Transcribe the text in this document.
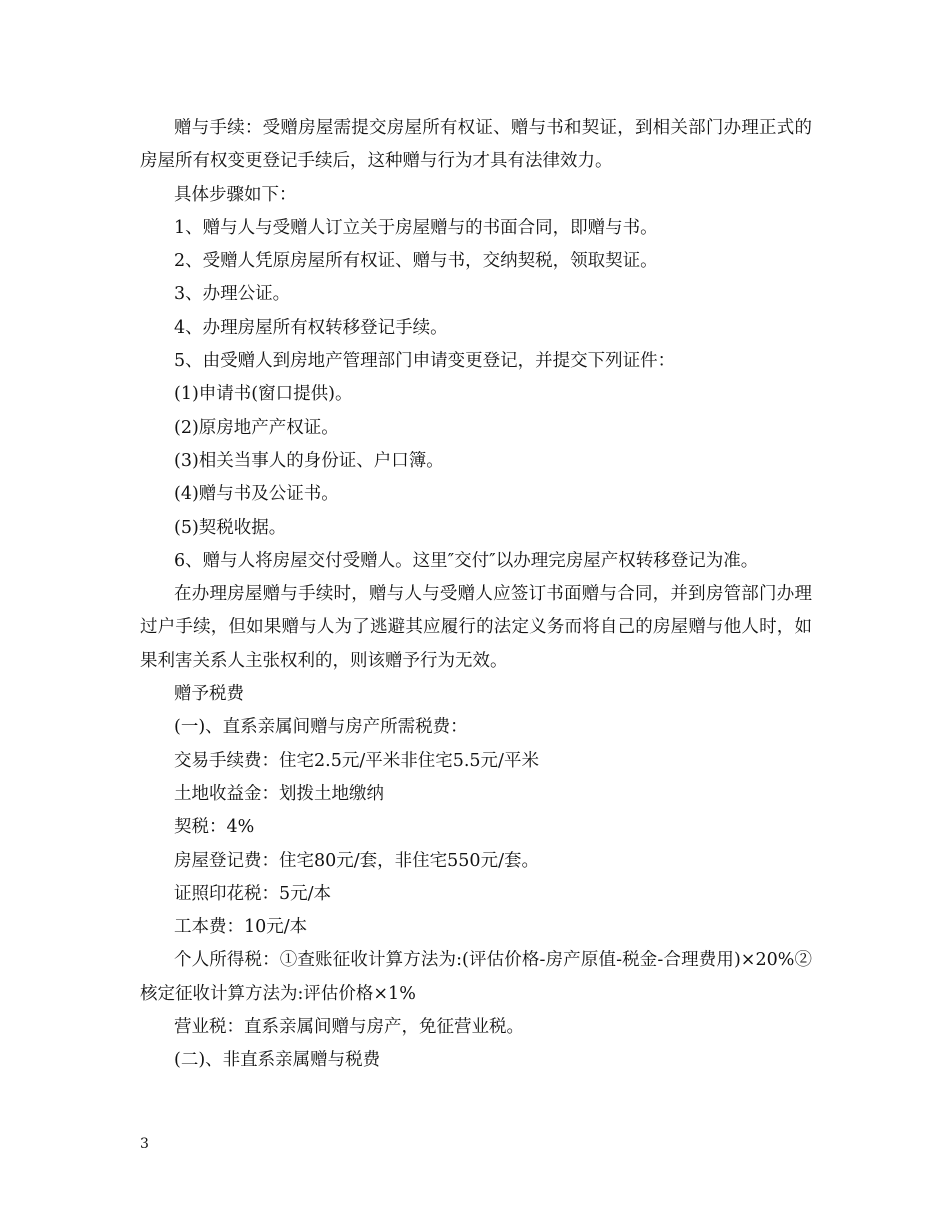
赠与手续：受赠房屋需提交房屋所有权证、赠与书和契证，到相关部门办理正式的房屋所有权变更登记手续后，这种赠与行为才具有法律效力。

具体步骤如下：

1、赠与人与受赠人订立关于房屋赠与的书面合同，即赠与书。

2、受赠人凭原房屋所有权证、赠与书，交纳契税，领取契证。

3、办理公证。

4、办理房屋所有权转移登记手续。

5、由受赠人到房地产管理部门申请变更登记，并提交下列证件：

(1)申请书(窗口提供)。

(2)原房地产产权证。

(3)相关当事人的身份证、户口簿。

(4)赠与书及公证书。

(5)契税收据。

6、赠与人将房屋交付受赠人。这里″交付″以办理完房屋产权转移登记为准。

在办理房屋赠与手续时，赠与人与受赠人应签订书面赠与合同，并到房管部门办理过户手续，但如果赠与人为了逃避其应履行的法定义务而将自己的房屋赠与他人时，如果利害关系人主张权利的，则该赠予行为无效。

赠予税费

(一)、直系亲属间赠与房产所需税费：

交易手续费：住宅2.5元/平米非住宅5.5元/平米

土地收益金：划拨土地缴纳

契税：4%

房屋登记费：住宅80元/套，非住宅550元/套。

证照印花税：5元/本

工本费：10元/本

个人所得税：①查账征收计算方法为:(评估价格-房产原值-税金-合理费用)×20%② 核定征收计算方法为:评估价格×1%

营业税：直系亲属间赠与房产，免征营业税。

(二)、非直系亲属赠与税费

3
